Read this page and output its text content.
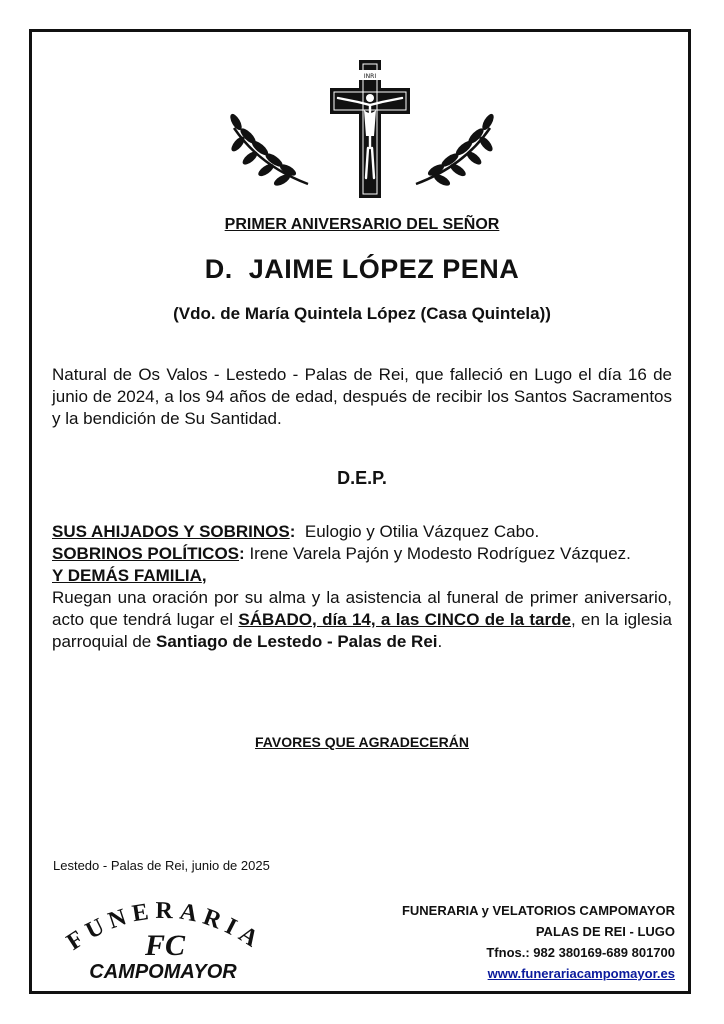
INRI
PRIMER ANIVERSARIO DEL SEÑOR
D.  JAIME LÓPEZ PENA
(Vdo. de María Quintela López (Casa Quintela))
Natural de Os Valos - Lestedo - Palas de Rei, que falleció en Lugo el día 16 de junio de 2024, a los 94 años de edad, después de recibir los Santos Sacramentos y la bendición de Su Santidad.
D.E.P.

SUS AHIJADOS Y SOBRINOS: Eulogio y Otilia Vázquez Cabo.

SOBRINOS POLÍTICOS: Irene Varela Pajón y Modesto Rodríguez Vázquez.

Y DEMÁS FAMILIA,

Ruegan una oración por su alma y la asistencia al funeral de primer aniversario, acto que tendrá lugar el SÁBADO, día 14, a las CINCO de la tarde, en la iglesia parroquial de Santiago de Lestedo - Palas de Rei.

FAVORES QUE AGRADECERÁN
Lestedo - Palas de Rei, junio de 2025
FUNERARIA
FC
CAMPOMAYOR
FUNERARIA y VELATORIOS CAMPOMAYOR
PALAS DE REI - LUGO
Tfnos.: 982 380169-689 801700
www.funerariacampomayor.es
